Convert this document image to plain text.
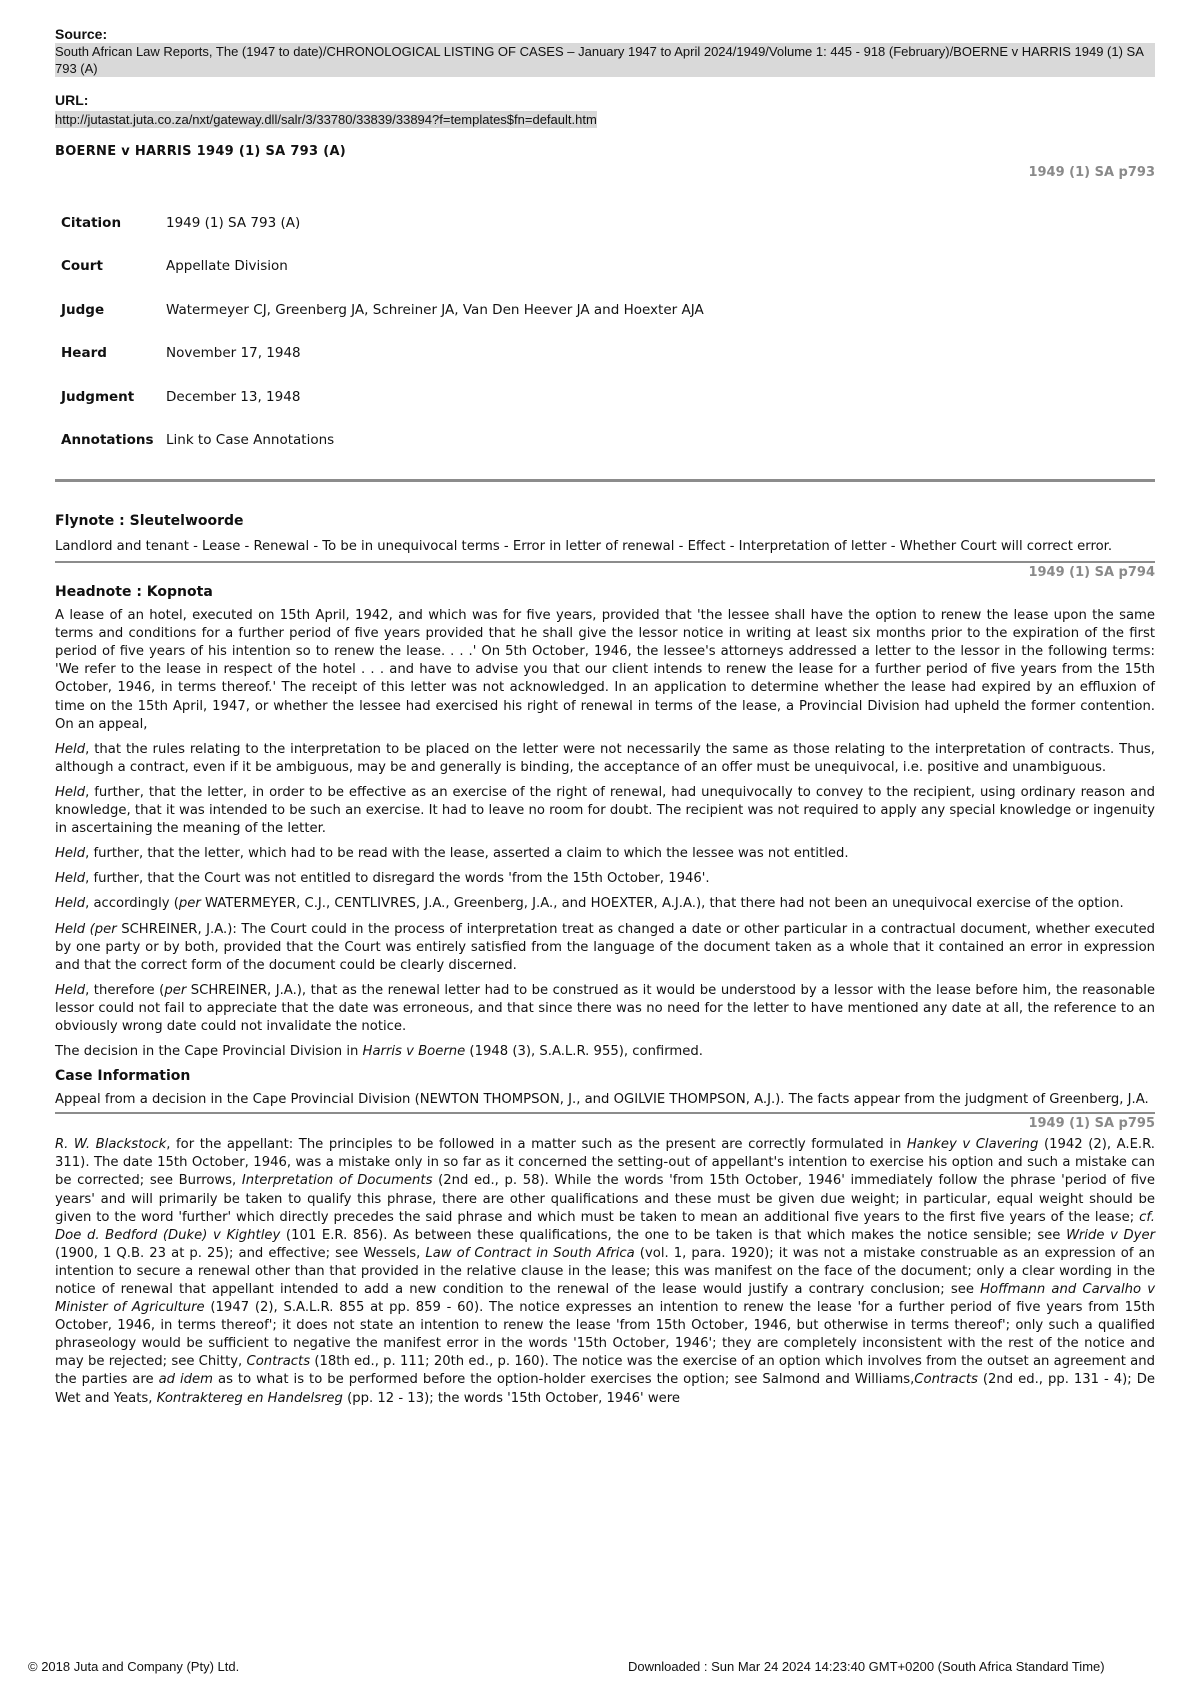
Source:

South African Law Reports, The (1947 to date)/CHRONOLOGICAL LISTING OF CASES – January 1947 to April 2024/1949/Volume 1: 445 - 918 (February)/BOERNE v HARRIS 1949 (1) SA 793 (A)

URL:

http://jutastat.juta.co.za/nxt/gateway.dll/salr/3/33780/33839/33894?f=templates$fn=default.htm

BOERNE v HARRIS 1949 (1) SA 793 (A)

1949 (1) SA p793

Citation	1949 (1) SA 793 (A)
Court	Appellate Division
Judge	Watermeyer CJ, Greenberg JA, Schreiner JA, Van Den Heever JA and Hoexter AJA
Heard	November 17, 1948
Judgment	December 13, 1948
Annotations	Link to Case Annotations

Flynote : Sleutelwoorde

Landlord and tenant - Lease - Renewal - To be in unequivocal terms - Error in letter of renewal - Effect - Interpretation of letter - Whether Court will correct error.

1949 (1) SA p794

Headnote : Kopnota

A lease of an hotel, executed on 15th April, 1942, and which was for five years, provided that 'the lessee shall have the option to renew the lease upon the same terms and conditions for a further period of five years provided that he shall give the lessor notice in writing at least six months prior to the expiration of the first period of five years of his intention so to renew the lease. . . .' On 5th October, 1946, the lessee's attorneys addressed a letter to the lessor in the following terms: 'We refer to the lease in respect of the hotel . . . and have to advise you that our client intends to renew the lease for a further period of five years from the 15th October, 1946, in terms thereof.' The receipt of this letter was not acknowledged. In an application to determine whether the lease had expired by an effluxion of time on the 15th April, 1947, or whether the lessee had exercised his right of renewal in terms of the lease, a Provincial Division had upheld the former contention. On an appeal,

Held, that the rules relating to the interpretation to be placed on the letter were not necessarily the same as those relating to the interpretation of contracts. Thus, although a contract, even if it be ambiguous, may be and generally is binding, the acceptance of an offer must be unequivocal, i.e. positive and unambiguous.

Held, further, that the letter, in order to be effective as an exercise of the right of renewal, had unequivocally to convey to the recipient, using ordinary reason and knowledge, that it was intended to be such an exercise. It had to leave no room for doubt. The recipient was not required to apply any special knowledge or ingenuity in ascertaining the meaning of the letter.

Held, further, that the letter, which had to be read with the lease, asserted a claim to which the lessee was not entitled.

Held, further, that the Court was not entitled to disregard the words 'from the 15th October, 1946'.

Held, accordingly (per WATERMEYER, C.J., CENTLIVRES, J.A., Greenberg, J.A., and HOEXTER, A.J.A.), that there had not been an unequivocal exercise of the option.

Held (per SCHREINER, J.A.): The Court could in the process of interpretation treat as changed a date or other particular in a contractual document, whether executed by one party or by both, provided that the Court was entirely satisfied from the language of the document taken as a whole that it contained an error in expression and that the correct form of the document could be clearly discerned.

Held, therefore (per SCHREINER, J.A.), that as the renewal letter had to be construed as it would be understood by a lessor with the lease before him, the reasonable lessor could not fail to appreciate that the date was erroneous, and that since there was no need for the letter to have mentioned any date at all, the reference to an obviously wrong date could not invalidate the notice.

The decision in the Cape Provincial Division in Harris v Boerne (1948 (3), S.A.L.R. 955), confirmed.

Case Information

Appeal from a decision in the Cape Provincial Division (NEWTON THOMPSON, J., and OGILVIE THOMPSON, A.J.). The facts appear from the judgment of Greenberg, J.A.

1949 (1) SA p795

R. W. Blackstock, for the appellant: The principles to be followed in a matter such as the present are correctly formulated in Hankey v Clavering (1942 (2), A.E.R. 311). The date 15th October, 1946, was a mistake only in so far as it concerned the setting-out of appellant's intention to exercise his option and such a mistake can be corrected; see Burrows, Interpretation of Documents (2nd ed., p. 58). While the words 'from 15th October, 1946' immediately follow the phrase 'period of five years' and will primarily be taken to qualify this phrase, there are other qualifications and these must be given due weight; in particular, equal weight should be given to the word 'further' which directly precedes the said phrase and which must be taken to mean an additional five years to the first five years of the lease; cf. Doe d. Bedford (Duke) v Kightley (101 E.R. 856). As between these qualifications, the one to be taken is that which makes the notice sensible; see Wride v Dyer (1900, 1 Q.B. 23 at p. 25); and effective; see Wessels, Law of Contract in South Africa (vol. 1, para. 1920); it was not a mistake construable as an expression of an intention to secure a renewal other than that provided in the relative clause in the lease; this was manifest on the face of the document; only a clear wording in the notice of renewal that appellant intended to add a new condition to the renewal of the lease would justify a contrary conclusion; see Hoffmann and Carvalho v Minister of Agriculture (1947 (2), S.A.L.R. 855 at pp. 859 - 60). The notice expresses an intention to renew the lease 'for a further period of five years from 15th October, 1946, in terms thereof'; it does not state an intention to renew the lease 'from 15th October, 1946, but otherwise in terms thereof'; only such a qualified phraseology would be sufficient to negative the manifest error in the words '15th October, 1946'; they are completely inconsistent with the rest of the notice and may be rejected; see Chitty, Contracts (18th ed., p. 111; 20th ed., p. 160). The notice was the exercise of an option which involves from the outset an agreement and the parties are ad idem as to what is to be performed before the option-holder exercises the option; see Salmond and Williams,Contracts (2nd ed., pp. 131 - 4); De Wet and Yeats, Kontraktereg en Handelsreg (pp. 12 - 13); the words '15th October, 1946' were

© 2018 Juta and Company (Pty) Ltd.	Downloaded : Sun Mar 24 2024 14:23:40 GMT+0200 (South Africa Standard Time)
